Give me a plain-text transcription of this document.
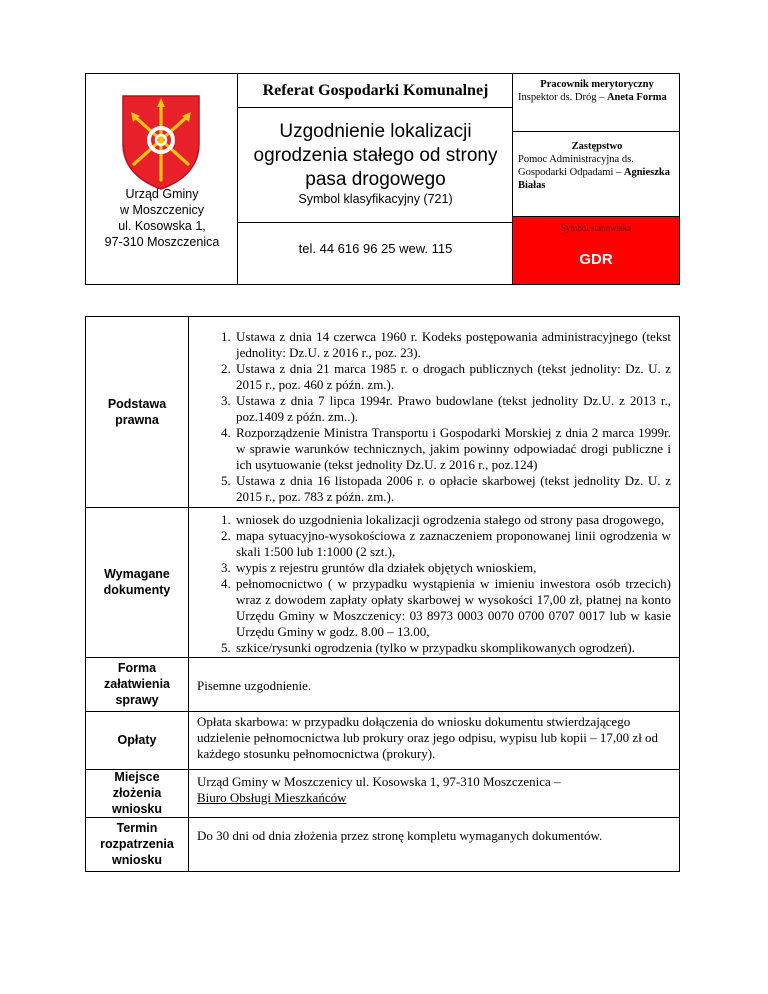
Urząd Gminy
w Moszczenicy
ul. Kosowska 1,
97-310 Moszczenica
Referat Gospodarki Komunalnej
Uzgodnienie lokalizacji
ogrodzenia stałego od strony
pasa drogowego
Symbol klasyfikacyjny (721)
tel. 44 616 96 25 wew. 115
Pracownik merytoryczny
Inspektor ds. Dróg – Aneta Forma
Zastępstwo
Pomoc Administracyjna ds. Gospodarki Odpadami – Agnieszka Białas
Symbol stanowiska
GDR
Podstawa prawna
1. Ustawa z dnia 14 czerwca 1960 r. Kodeks postępowania administracyjnego (tekst jednolity: Dz.U. z 2016 r., poz. 23).
2. Ustawa z dnia 21 marca 1985 r. o drogach publicznych (tekst jednolity: Dz. U. z 2015 r., poz. 460 z późn. zm.).
3. Ustawa z dnia 7 lipca 1994r. Prawo budowlane (tekst jednolity Dz.U. z 2013 r., poz.1409 z późn. zm..).
4. Rozporządzenie Ministra Transportu i Gospodarki Morskiej z dnia 2 marca 1999r. w sprawie warunków technicznych, jakim powinny odpowiadać drogi publiczne i ich usytuowanie (tekst jednolity Dz.U. z 2016 r., poz.124)
5. Ustawa z dnia 16 listopada 2006 r. o opłacie skarbowej (tekst jednolity Dz. U. z 2015 r., poz. 783 z późn. zm.).
Wymagane dokumenty
1. wniosek do uzgodnienia lokalizacji ogrodzenia stałego od strony pasa drogowego,
2. mapa sytuacyjno-wysokościowa z zaznaczeniem proponowanej linii ogrodzenia w skali 1:500 lub 1:1000 (2 szt.),
3. wypis z rejestru gruntów dla działek objętych wnioskiem,
4. pełnomocnictwo ( w przypadku wystąpienia w imieniu inwestora osób trzecich) wraz z dowodem zapłaty opłaty skarbowej w wysokości 17,00 zł, płatnej na konto Urzędu Gminy w Moszczenicy: 03 8973 0003 0070 0700 0707 0017 lub w kasie Urzędu Gminy w godz. 8.00 – 13.00,
5. szkice/rysunki ogrodzenia (tylko w przypadku skomplikowanych ogrodzeń).
Forma załatwienia sprawy
Pisemne uzgodnienie.
Opłaty
Opłata skarbowa: w przypadku dołączenia do wniosku dokumentu stwierdzającego udzielenie pełnomocnictwa lub prokury oraz jego odpisu, wypisu lub kopii – 17,00 zł od każdego stosunku pełnomocnictwa (prokury).
Miejsce złożenia wniosku
Urząd Gminy w Moszczenicy ul. Kosowska 1, 97-310 Moszczenica –
Biuro Obsługi Mieszkańców
Termin rozpatrzenia wniosku
Do 30 dni od dnia złożenia przez stronę kompletu wymaganych dokumentów.
